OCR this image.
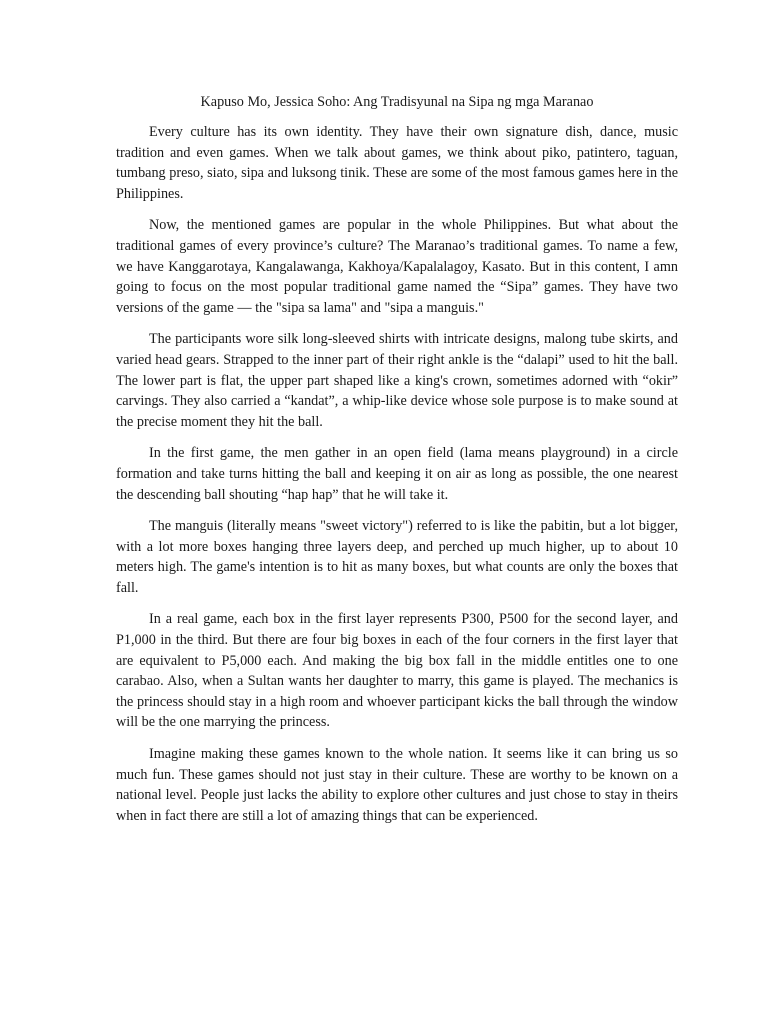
Kapuso Mo, Jessica Soho: Ang Tradisyunal na Sipa ng mga Maranao

Every culture has its own identity. They have their own signature dish, dance, music tradition and even games. When we talk about games, we think about piko, patintero, taguan, tumbang preso, siato, sipa and luksong tinik. These are some of the most famous games here in the Philippines.

Now, the mentioned games are popular in the whole Philippines. But what about the traditional games of every province’s culture? The Maranao’s traditional games. To name a few, we have Kanggarotaya, Kangalawanga, Kakhoya/Kapalalagoy, Kasato. But in this content, I amn going to focus on the most popular traditional game named the “Sipa” games. They have two versions of the game — the "sipa sa lama" and "sipa a manguis."

The participants wore silk long-sleeved shirts with intricate designs, malong tube skirts, and varied head gears. Strapped to the inner part of their right ankle is the “dalapi” used to hit the ball. The lower part is flat, the upper part shaped like a king's crown, sometimes adorned with “okir” carvings. They also carried a “kandat”, a whip-like device whose sole purpose is to make sound at the precise moment they hit the ball.

In the first game, the men gather in an open field (lama means playground) in a circle formation and take turns hitting the ball and keeping it on air as long as possible, the one nearest the descending ball shouting “hap hap” that he will take it.

The manguis (literally means "sweet victory") referred to is like the pabitin, but a lot bigger, with a lot more boxes hanging three layers deep, and perched up much higher, up to about 10 meters high. The game's intention is to hit as many boxes, but what counts are only the boxes that fall.

In a real game, each box in the first layer represents P300, P500 for the second layer, and P1,000 in the third. But there are four big boxes in each of the four corners in the first layer that are equivalent to P5,000 each. And making the big box fall in the middle entitles one to one carabao. Also, when a Sultan wants her daughter to marry, this game is played. The mechanics is the princess should stay in a high room and whoever participant kicks the ball through the window will be the one marrying the princess.

Imagine making these games known to the whole nation. It seems like it can bring us so much fun. These games should not just stay in their culture. These are worthy to be known on a national level. People just lacks the ability to explore other cultures and just chose to stay in theirs when in fact there are still a lot of amazing things that can be experienced.
